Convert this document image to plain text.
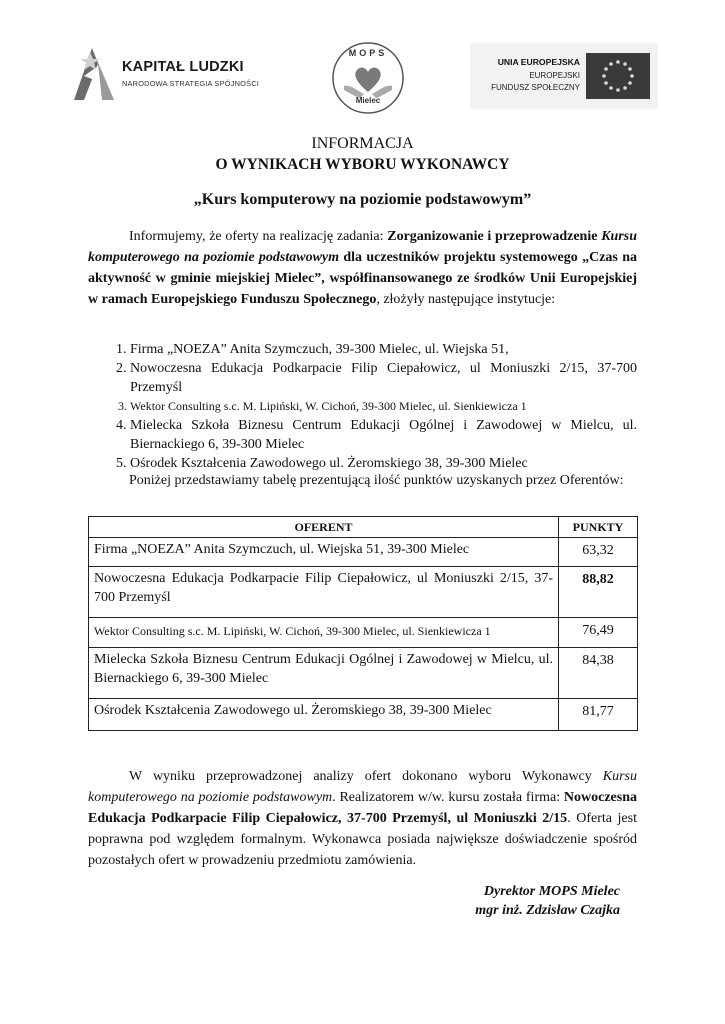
KAPITAŁ LUDZKI
NARODOWA STRATEGIA SPÓJNOŚCI
MOPS
Mielec
UNIA EUROPEJSKA
EUROPEJSKI
FUNDUSZ SPOŁECZNY
INFORMACJA
O WYNIKACH WYBORU WYKONAWCY
„Kurs komputerowy na poziomie podstawowym”
Informujemy, że oferty na realizację zadania: Zorganizowanie i przeprowadzenie Kursu komputerowego na poziomie podstawowym dla uczestników projektu systemowego „Czas na aktywność w gminie miejskiej Mielec”, współfinansowanego ze środków Unii Europejskiej w ramach Europejskiego Funduszu Społecznego, złożyły następujące instytucje:
1. Firma „NOEZA” Anita Szymczuch, 39-300 Mielec, ul. Wiejska 51,
2. Nowoczesna Edukacja Podkarpacie Filip Ciepałowicz, ul Moniuszki 2/15, 37-700 Przemyśl
3. Wektor Consulting s.c. M. Lipiński, W. Cichoń, 39-300 Mielec, ul. Sienkiewicza 1
4. Mielecka Szkoła Biznesu Centrum Edukacji Ogólnej i Zawodowej w Mielcu, ul. Biernackiego 6, 39-300 Mielec
5. Ośrodek Kształcenia Zawodowego ul. Żeromskiego 38, 39-300 Mielec
Poniżej przedstawiamy tabelę prezentującą ilość punktów uzyskanych przez Oferentów:
OFERENT	PUNKTY
Firma „NOEZA” Anita Szymczuch, ul. Wiejska 51, 39-300 Mielec	63,32
Nowoczesna Edukacja Podkarpacie Filip Ciepałowicz, ul Moniuszki 2/15, 37-700 Przemyśl	88,82
Wektor Consulting s.c. M. Lipiński, W. Cichoń, 39-300 Mielec, ul. Sienkiewicza 1	76,49
Mielecka Szkoła Biznesu Centrum Edukacji Ogólnej i Zawodowej w Mielcu, ul. Biernackiego 6, 39-300 Mielec	84,38
Ośrodek Kształcenia Zawodowego ul. Żeromskiego 38, 39-300 Mielec	81,77
W wyniku przeprowadzonej analizy ofert dokonano wyboru Wykonawcy Kursu komputerowego na poziomie podstawowym. Realizatorem w/w. kursu została firma: Nowoczesna Edukacja Podkarpacie Filip Ciepałowicz, 37-700 Przemyśl, ul Moniuszki 2/15. Oferta jest poprawna pod względem formalnym. Wykonawca posiada największe doświadczenie spośród pozostałych ofert w prowadzeniu przedmiotu zamówienia.
Dyrektor MOPS Mielec
mgr inż. Zdzisław Czajka
